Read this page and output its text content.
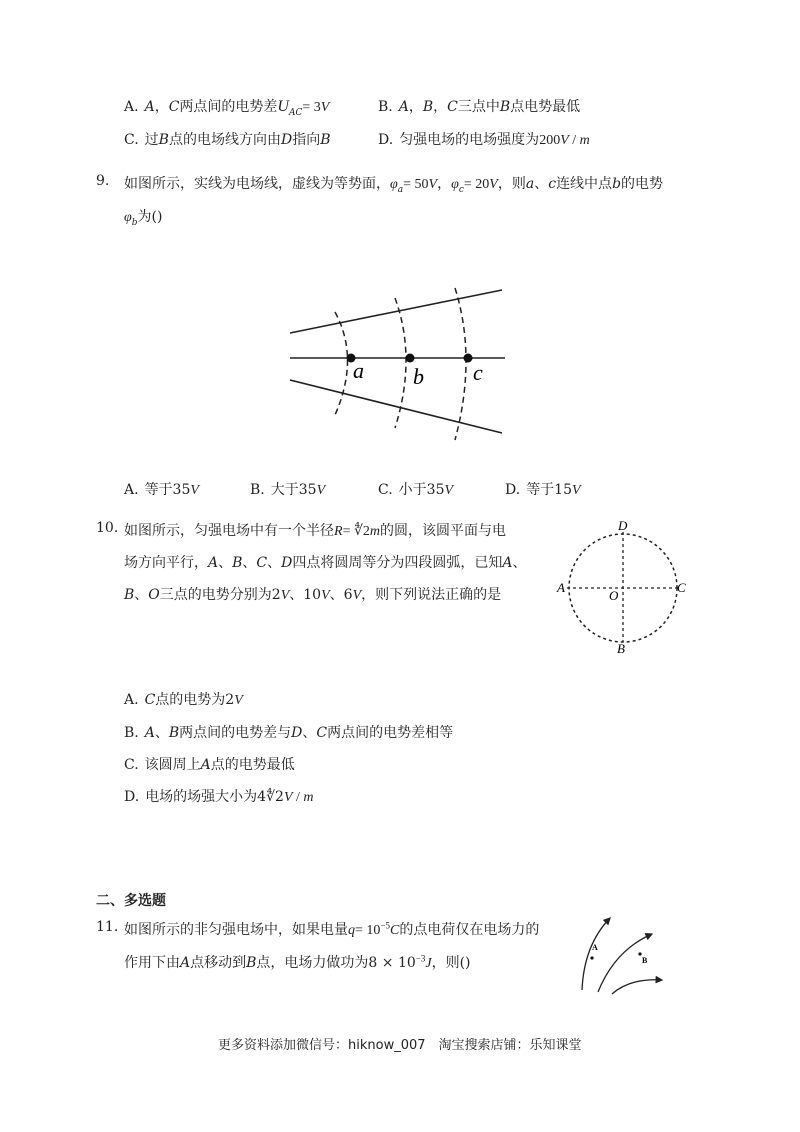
A. A，C两点间的电势差$U_{AC}= 3V$	B. A，B，C三点中B点电势最低
C. 过B点的电场线方向由D指向B	D. 匀强电场的电场强度为200V / m
9. 如图所示，实线为电场线，虚线为等势面，$\varphi_a= 50V$，$\varphi_c= 20V$，则a、c连线中点b的电势
$\varphi_b$为()
a b c
A. 等于35V	B. 大于35V	C. 小于35V	D. 等于15V
10. 如图所示，匀强电场中有一个半径R= ∜2m的圆，该圆平面与电
场方向平行，A、B、C、D四点将圆周等分为四段圆弧，已知A、
B、O三点的电势分别为2V、10V、6V，则下列说法正确的是
D
A	C
B
O
A. C点的电势为2V
B. A、B两点间的电势差与D、C两点间的电势差相等
C. 该圆周上A点的电势最低
D. 电场的场强大小为4∜2V / m
二、多选题
11. 如图所示的非匀强电场中，如果电量$q= 10^{-5}C$的点电荷仅在电场力的
作用下由A点移动到B点，电场力做功为$8 \times 10^{-3}J$，则()
A
B
更多资料添加微信号：hiknow_007　淘宝搜索店铺：乐知课堂
